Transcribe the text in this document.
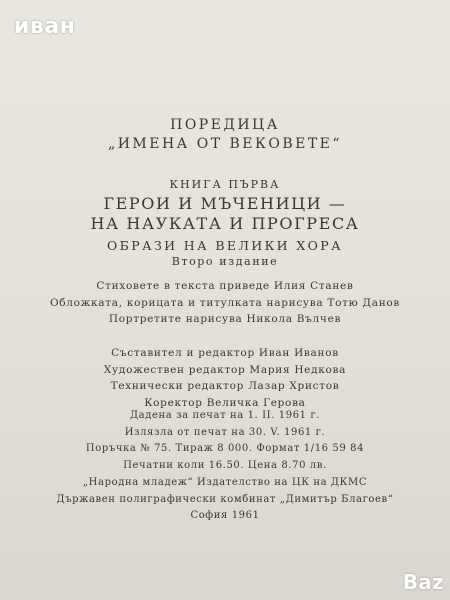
иван
ПОРЕДИЦА
„ИМЕНА ОТ ВЕКОВЕТЕ“
КНИГА ПЪРВА
ГЕРОИ И МЪЧЕНИЦИ —
НА НАУКАТА И ПРОГРЕСА
ОБРАЗИ НА ВЕЛИКИ ХОРА
Второ издание
Стиховете в текста приведе Илия Станев
Обложката, корицата и титулката нарисува Тотю Данов
Портретите нарисува Никола Вълчев
Съставител и редактор Иван Иванов
Художествен редактор Мария Недкова
Технически редактор Лазар Христов
Коректор Величка Герова
Дадена за печат на 1. II. 1961 г.
Излязла от печат на 30. V. 1961 г.
Поръчка № 75. Тираж 8 000. Формат 1/16 59 84
Печатни коли 16.50. Цена 8.70 лв.
„Народна младеж“ Издателство на ЦК на ДКМС
Държавен полиграфически комбинат „Димитър Благоев“
София 1961
Baz
